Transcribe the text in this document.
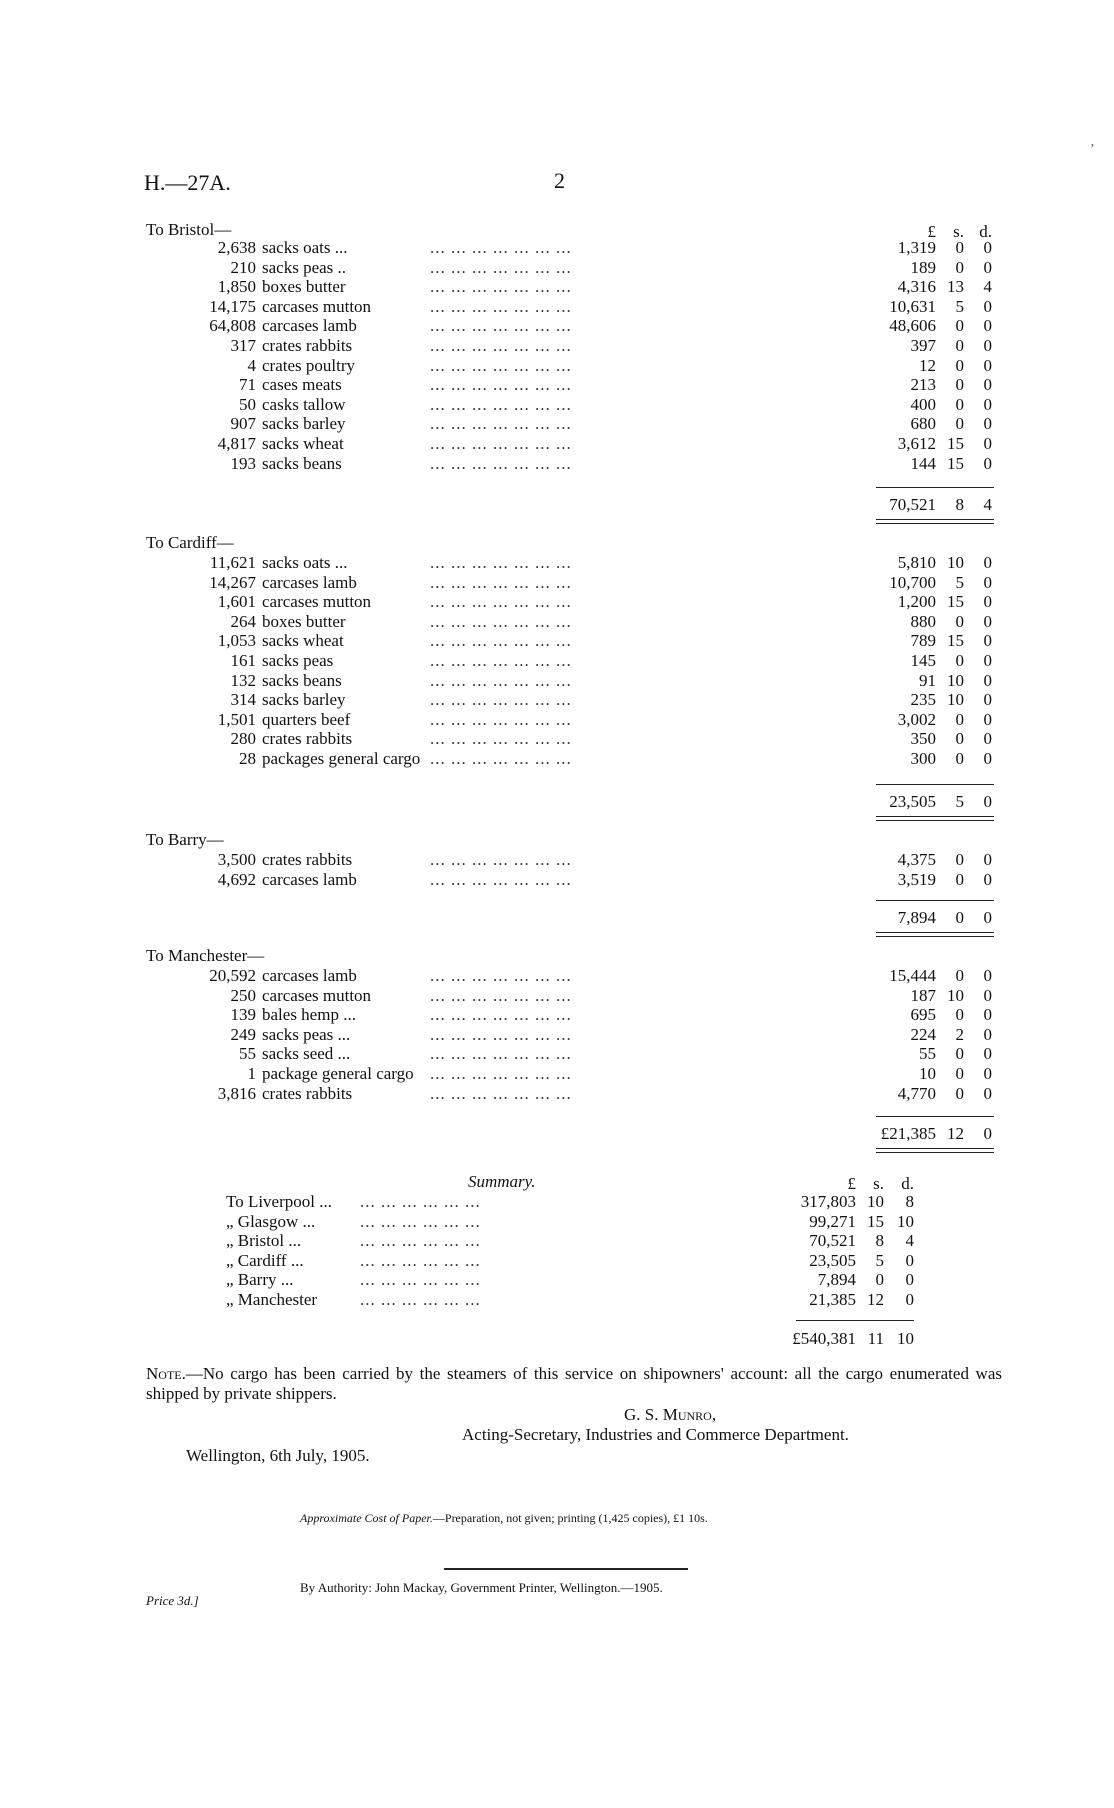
H.—27A.	2
£	s. d.
To Bristol—
2,638 sacks oats ...	... ... ... ... ... ... ...	1,319	0	0
210 sacks peas ..	... ... ... ... ... ... ...	189	0	0
1,850 boxes butter	... ... ... ... ... ... ...	4,316 13	4
14,175 carcases mutton	... ... ... ... ... ... ...	10,631	5	0
64,808 carcases lamb	... ... ... ... ... ... ...	48,606	0	0
317 crates rabbits	... ... ... ... ... ... ...	397	0	0
4 crates poultry	... ... ... ... ... ... ...	12	0	0
71 cases meats	... ... ... ... ... ... ...	213	0	0
50 casks tallow	... ... ... ... ... ... ...	400	0	0
907 sacks barley	... ... ... ... ... ... ...	680	0	0
4,817 sacks wheat	... ... ... ... ... ... ...	3,612 15	0
193 sacks beans	... ... ... ... ... ... ...	144 15	0
70,521	8	4
To Cardiff—
11,621 sacks oats ...	... ... ... ... ... ... ...	5,810 10	0
14,267 carcases lamb	... ... ... ... ... ... ...	10,700	5	0
1,601 carcases mutton	... ... ... ... ... ... ...	1,200 15	0
264 boxes butter	... ... ... ... ... ... ...	880	0	0
1,053 sacks wheat	... ... ... ... ... ... ...	789 15	0
161 sacks peas	... ... ... ... ... ... ...	145	0	0
132 sacks beans	... ... ... ... ... ... ...	91 10	0
314 sacks barley	... ... ... ... ... ... ...	235 10	0
1,501 quarters beef	... ... ... ... ... ... ...	3,002	0	0
280 crates rabbits	... ... ... ... ... ... ...	350	0	0
28 packages general cargo ... ... ... ... ... ... ...	300	0	0
23,505	5	0
To Barry—
3,500 crates rabbits	... ... ... ... ... ... ...	4,375	0	0
4,692 carcases lamb	... ... ... ... ... ... ...	3,519	0	0
7,894	0	0
To Manchester—
20,592 carcases lamb	... ... ... ... ... ... ...	15,444	0	0
250 carcases mutton	... ... ... ... ... ... ...	187 10	0
139 bales hemp ...	... ... ... ... ... ... ...	695	0	0
249 sacks peas ...	... ... ... ... ... ... ...	224	2	0
55 sacks seed ...	... ... ... ... ... ... ...	55	0	0
1 package general cargo ... ... ... ... ... ... ...	10	0	0
3,816 crates rabbits	... ... ... ... ... ... ...	4,770	0	0
£21,385 12	0
Summary.	£	s.	d.
To Liverpool ... ... ... ... ... ... ...	317,803 10	8
„ Glasgow ...	... ... ... ... ... ...	99,271 15 10
„ Bristol ...	... ... ... ... ... ...	70,521	8	4
„ Cardiff ...	... ... ... ... ... ...	23,505	5	0
„ Barry ...	... ... ... ... ... ...	7,894	0	0
„ Manchester	... ... ... ... ... ...	21,385 12	0
£540,381 11 10
Note.—No cargo has been carried by the steamers of this service on shipowners' account: all the cargo enumerated was shipped by private shippers.
G. S. Munro,
Acting-Secretary, Industries and Commerce Department.
Wellington, 6th July, 1905.
Approximate Cost of Paper.—Preparation, not given; printing (1,425 copies), £1 10s.
By Authority: John Mackay, Government Printer, Wellington.—1905.
Price 3d.]
’
